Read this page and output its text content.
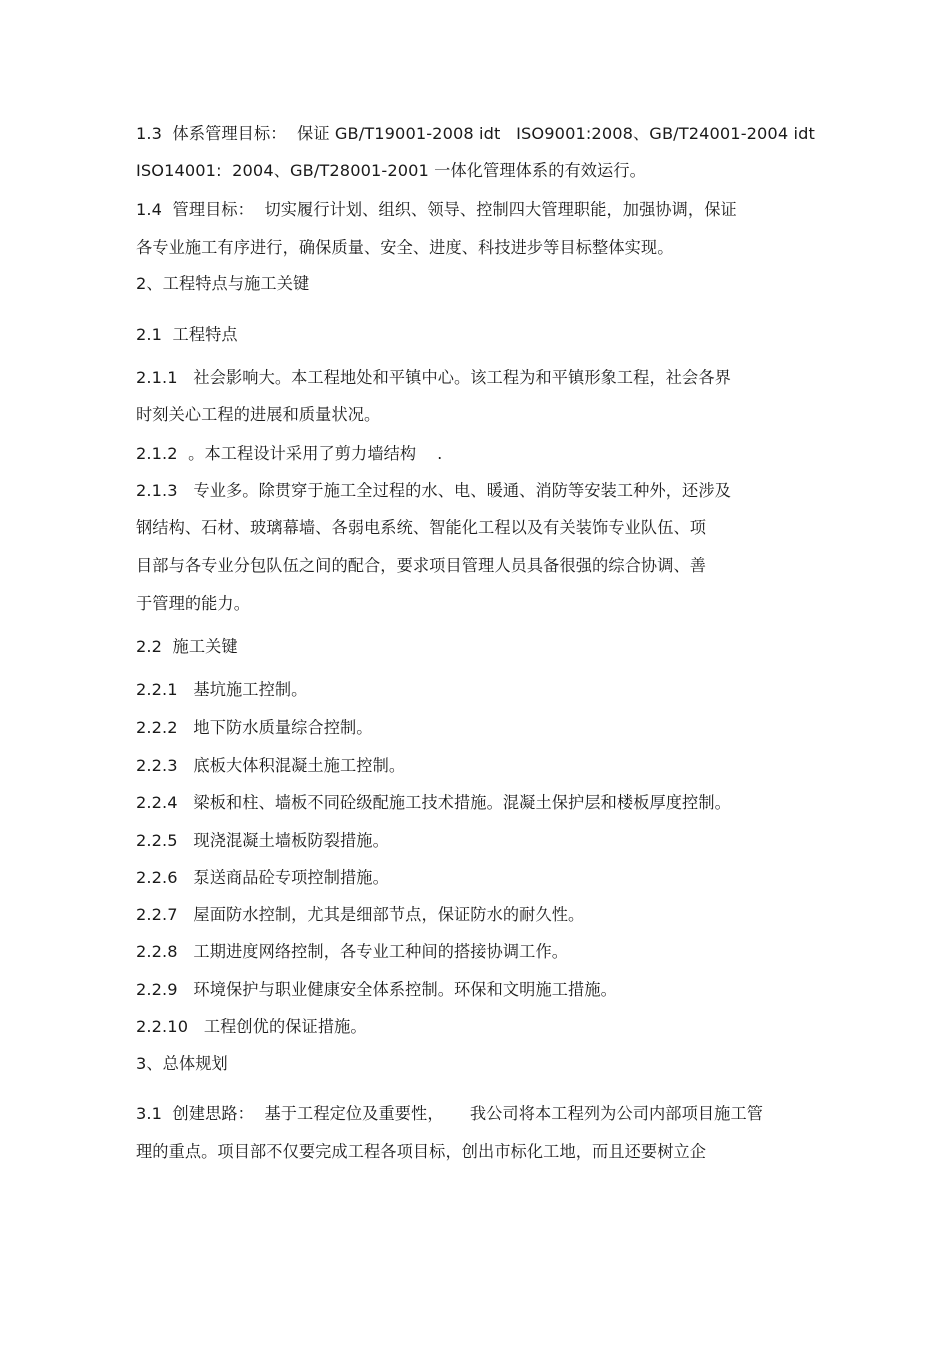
1.3  体系管理目标：  保证 GB/T19001-2008 idt   ISO9001:2008、GB/T24001-2004 idt
ISO14001:  2004、GB/T28001-2001 一体化管理体系的有效运行。
1.4  管理目标：  切实履行计划、组织、领导、控制四大管理职能，加强协调，保证
各专业施工有序进行，确保质量、安全、进度、科技进步等目标整体实现。
2、工程特点与施工关键
2.1  工程特点
2.1.1   社会影响大。本工程地处和平镇中心。该工程为和平镇形象工程，社会各界
时刻关心工程的进展和质量状况。
2.1.2  。本工程设计采用了剪力墙结构    .
2.1.3   专业多。除贯穿于施工全过程的水、电、暖通、消防等安装工种外，还涉及
钢结构、石材、玻璃幕墙、各弱电系统、智能化工程以及有关装饰专业队伍、项
目部与各专业分包队伍之间的配合，要求项目管理人员具备很强的综合协调、善
于管理的能力。
2.2  施工关键
2.2.1   基坑施工控制。
2.2.2   地下防水质量综合控制。
2.2.3   底板大体积混凝土施工控制。
2.2.4   梁板和柱、墙板不同砼级配施工技术措施。混凝土保护层和楼板厚度控制。
2.2.5   现浇混凝土墙板防裂措施。
2.2.6   泵送商品砼专项控制措施。
2.2.7   屋面防水控制，尤其是细部节点，保证防水的耐久性。
2.2.8   工期进度网络控制，各专业工种间的搭接协调工作。
2.2.9   环境保护与职业健康安全体系控制。环保和文明施工措施。
2.2.10   工程创优的保证措施。
3、总体规划
3.1  创建思路：  基于工程定位及重要性，     我公司将本工程列为公司内部项目施工管
理的重点。项目部不仅要完成工程各项目标，创出市标化工地，而且还要树立企
